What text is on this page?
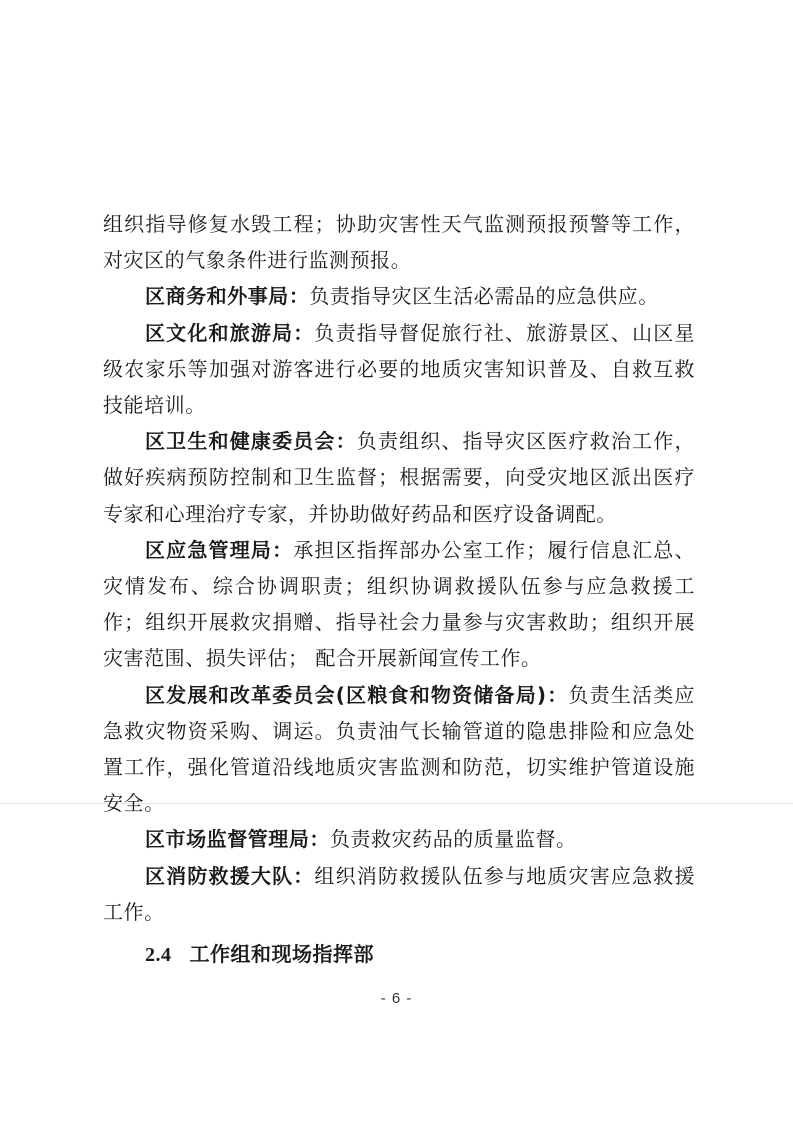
组织指导修复水毁工程；协助灾害性天气监测预报预警等工作，对灾区的气象条件进行监测预报。

区商务和外事局：负责指导灾区生活必需品的应急供应。

区文化和旅游局：负责指导督促旅行社、旅游景区、山区星级农家乐等加强对游客进行必要的地质灾害知识普及、自救互救技能培训。

区卫生和健康委员会：负责组织、指导灾区医疗救治工作，做好疾病预防控制和卫生监督；根据需要，向受灾地区派出医疗专家和心理治疗专家，并协助做好药品和医疗设备调配。

区应急管理局：承担区指挥部办公室工作；履行信息汇总、灾情发布、综合协调职责；组织协调救援队伍参与应急救援工作；组织开展救灾捐赠、指导社会力量参与灾害救助；组织开展灾害范围、损失评估； 配合开展新闻宣传工作。

区发展和改革委员会(区粮食和物资储备局)：负责生活类应急救灾物资采购、调运。负责油气长输管道的隐患排险和应急处置工作，强化管道沿线地质灾害监测和防范，切实维护管道设施安全。

区市场监督管理局：负责救灾药品的质量监督。

区消防救援大队：组织消防救援队伍参与地质灾害应急救援工作。

2.4 工作组和现场指挥部
- 6 -
